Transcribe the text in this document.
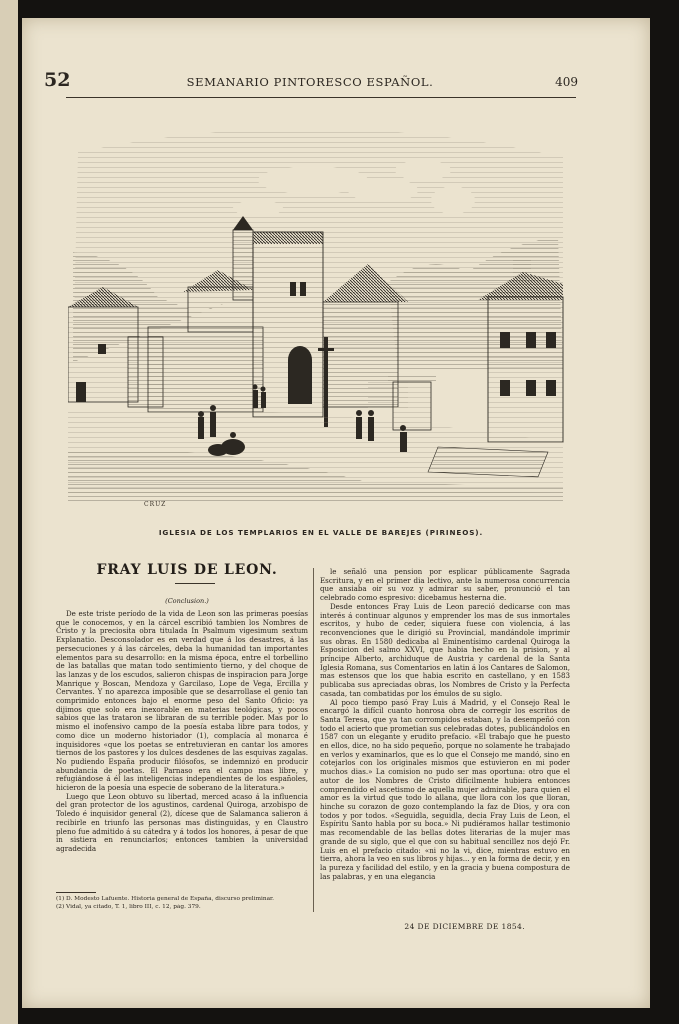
52	SEMANARIO PINTORESCO ESPAÑOL.	409
CRUZ
IGLESIA DE LOS TEMPLARIOS EN EL VALLE DE BAREJES (PIRINEOS).
FRAY LUIS DE LEON.
(Conclusion.)

De este triste período de la vida de Leon son las primeras poesías que le conocemos, y en la cárcel escribió tambien los Nombres de Cristo y la preciosita obra titulada In Psalmum vigesimum sextum Explanatio. Desconsolador es en verdad que á los desastres, á las persecuciones y á las cárceles, deba la humanidad tan importantes elementos para su desarrollo: en la misma época, entre el torbellino de las batallas que matan todo sentimiento tierno, y del choque de las lanzas y de los escudos, salieron chispas de inspiracion para Jorge Manrique y Boscan, Mendoza y Garcilaso, Lope de Vega, Ercilla y Cervantes. Y no aparezca imposible que se desarrollase el genio tan comprimido entonces bajo el enorme peso del Santo Oficio: ya dijimos que solo era inexorable en materias teológicas, y pocos sabios que las trataron se libraran de su terrible poder. Mas por lo mismo el inofensivo campo de la poesía estaba libre para todos, y como dice un moderno historiador (1), complacía al monarca é inquisidores «que los poetas se entretuvieran en cantar los amores tiernos de los pastores y los dulces desdenes de las esquivas zagalas. No pudiendo España producir filósofos, se indemnizó en producir abundancia de poetas. El Parnaso era el campo mas libre, y refugiándose á él las inteligencias independientes de los españoles, hicieron de la poesía una especie de soberano de la literatura.»

Luego que Leon obtuvo su libertad, merced acaso á la influencia del gran protector de los agustinos, cardenal Quiroga, arzobispo de Toledo é inquisidor general (2), dícese que de Salamanca salieron á recibirle en triunfo las personas mas distinguidas, y en Claustro pleno fue admitido á su cátedra y á todos los honores, á pesar de que in sistiera en renunciarlos; entonces tambien la universidad agradecida

le señaló una pension por esplicar públicamente Sagrada Escritura, y en el primer dia lectivo, ante la numerosa concurrencia que ansiaba oir su voz y admirar su saber, pronunció el tan celebrado como espresivo: dicebamus hesterna die.

Desde entonces Fray Luis de Leon pareció dedicarse con mas interés á continuar algunos y emprender los mas de sus inmortales escritos, y hubo de ceder, siquiera fuese con violencia, á las reconvenciones que le dirigió su Provincial, mandándole imprimir sus obras. En 1580 dedicaba al Eminentísimo cardenal Quiroga la Esposicion del salmo XXVI, que habia hecho en la prision, y al príncipe Alberto, archiduque de Austria y cardenal de la Santa Iglesia Romana, sus Comentarios en latin á los Cantares de Salomon, mas estensos que los que habia escrito en castellano, y en 1583 publicaba sus apreciadas obras, los Nombres de Cristo y la Perfecta casada, tan combatidas por los émulos de su siglo.

Al poco tiempo pasó Fray Luis á Madrid, y el Consejo Real le encargó la difícil cuanto honrosa obra de corregir los escritos de Santa Teresa, que ya tan corrompidos estaban, y la desempeñó con todo el acierto que prometian sus celebradas dotes, publicándolos en 1587 con un elegante y erudito prefacio. «El trabajo que he puesto en ellos, dice, no ha sido pequeño, porque no solamente he trabajado en verlos y examinarlos, que es lo que el Consejo me mandó, sino en cotejarlos con los originales mismos que estuvieron en mi poder muchos dias.» La comision no pudo ser mas oportuna: otro que el autor de los Nombres de Cristo difícilmente hubiera entonces comprendido el ascetismo de aquella mujer admirable, para quien el amor es la virtud que todo lo allana, que llora con los que lloran, hinche su corazon de gozo contemplando la faz de Dios, y ora con todos y por todos. «Seguidla, seguidla, decia Fray Luis de Leon, el Espíritu Santo habla por su boca.» Ni pudiéramos hallar testimonio mas recomendable de las bellas dotes literarias de la mujer mas grande de su siglo, que el que con su habitual sencillez nos dejó Fr. Luis en el prefacio citado: «ni no la vi, dice, mientras estuvo en tierra, ahora la veo en sus libros y hijas... y en la forma de decir, y en la pureza y facilidad del estilo, y en la gracia y buena compostura de las palabras, y en una elegancia

(1) D. Modesto Lafuente. Historia general de España, discurso preliminar.
(2) Vidal, ya citado, T. 1, libro III, c. 12, pág. 379.
24 DE DICIEMBRE DE 1854.
